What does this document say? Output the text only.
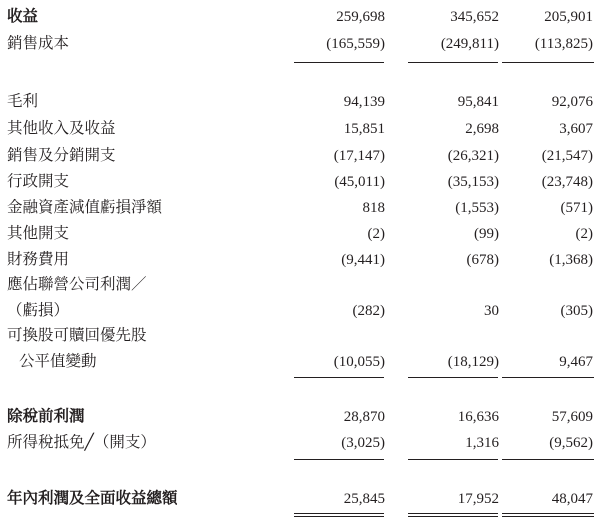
收益	259,698	345,652	205,901
銷售成本	(165,559)	(249,811) (113,825)
毛利	94,139	95,841	92,076
其他收入及收益	15,851	2,698	3,607
銷售及分銷開支	(17,147)	(26,321)	(21,547)
行政開支	(45,011)	(35,153)	(23,748)
金融資產減值虧損淨額	818	(1,553)	(571)
其他開支	(2)	(99)	(2)
財務費用	(9,441)	(678)	(1,368)
應佔聯營公司利潤／
（虧損）	(282)	30	(305)
可換股可贖回優先股
公平值變動	(10,055)	(18,129)	9,467
除稅前利潤	28,870	16,636	57,609
所得稅抵免╱（開支）	(3,025)	1,316	(9,562)
年內利潤及全面收益總額	25,845	17,952	48,047
